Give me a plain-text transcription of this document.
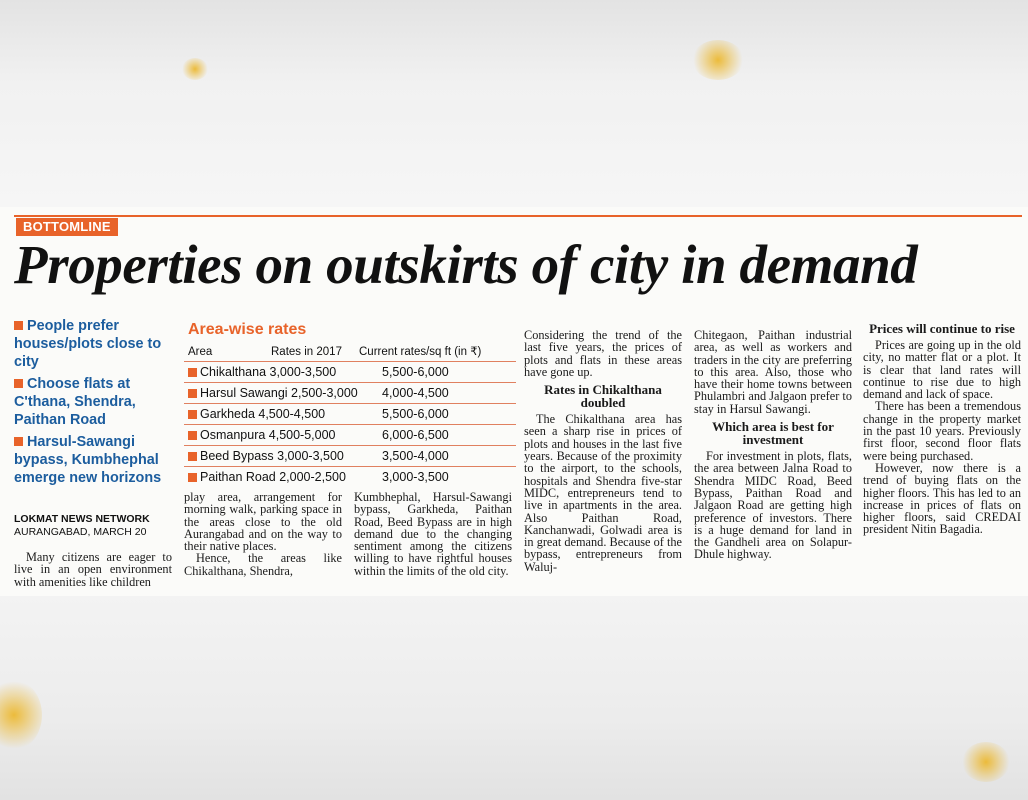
BOTTOMLINE
Properties on outskirts of city in demand
People prefer houses/plots close to city
Choose flats at C'thana, Shendra, Paithan Road
Harsul-Sawangi bypass, Kumbhephal emerge new horizons
LOKMAT NEWS NETWORK
AURANGABAD, MARCH 20

Many citizens are eager to live in an open environment with amenities like children

Area-wise rates
Area	Rates in 2017 Current rates/sq ft (in ₹)
Chikalthana 3,000-3,500	5,500-6,000
Harsul Sawangi 2,500-3,000 4,000-4,500
Garkheda 4,500-4,500	5,500-6,000
Osmanpura 4,500-5,000	6,000-6,500
Beed Bypass 3,000-3,500	3,500-4,000
Paithan Road 2,000-2,500	3,000-3,500

play area, arrangement for morning walk, parking space in the areas close to the old Aurangabad and on the way to their native places.

Hence, the areas like Chikalthana, Shendra,

Kumbhephal, Harsul-Sawangi bypass, Garkheda, Paithan Road, Beed Bypass are in high demand due to the changing sentiment among the citizens willing to have rightful houses within the limits of the old city.

Considering the trend of the last five years, the prices of plots and flats in these areas have gone up.

Rates in Chikalthana doubled

The Chikalthana area has seen a sharp rise in prices of plots and houses in the last five years. Because of the proximity to the airport, to the schools, hospitals and Shendra five-star MIDC, entrepreneurs tend to live in apartments in the area. Also Paithan Road, Kanchanwadi, Golwadi area is in great demand. Because of the bypass, entrepreneurs from Waluj-

Chitegaon, Paithan industrial area, as well as workers and traders in the city are preferring to this area. Also, those who have their home towns between Phulambri and Jalgaon prefer to stay in Harsul Sawangi.

Which area is best for investment

For investment in plots, flats, the area between Jalna Road to Shendra MIDC Road, Beed Bypass, Paithan Road and Jalgaon Road are getting high preference of investors. There is a huge demand for land in the Gandheli area on Solapur-Dhule highway.

Prices will continue to rise

Prices are going up in the old city, no matter flat or a plot. It is clear that land rates will continue to rise due to high demand and lack of space.

There has been a tremendous change in the property market in the past 10 years. Previously first floor, second floor flats were being purchased.

However, now there is a trend of buying flats on the higher floors. This has led to an increase in prices of flats on higher floors, said CREDAI president Nitin Bagadia.
